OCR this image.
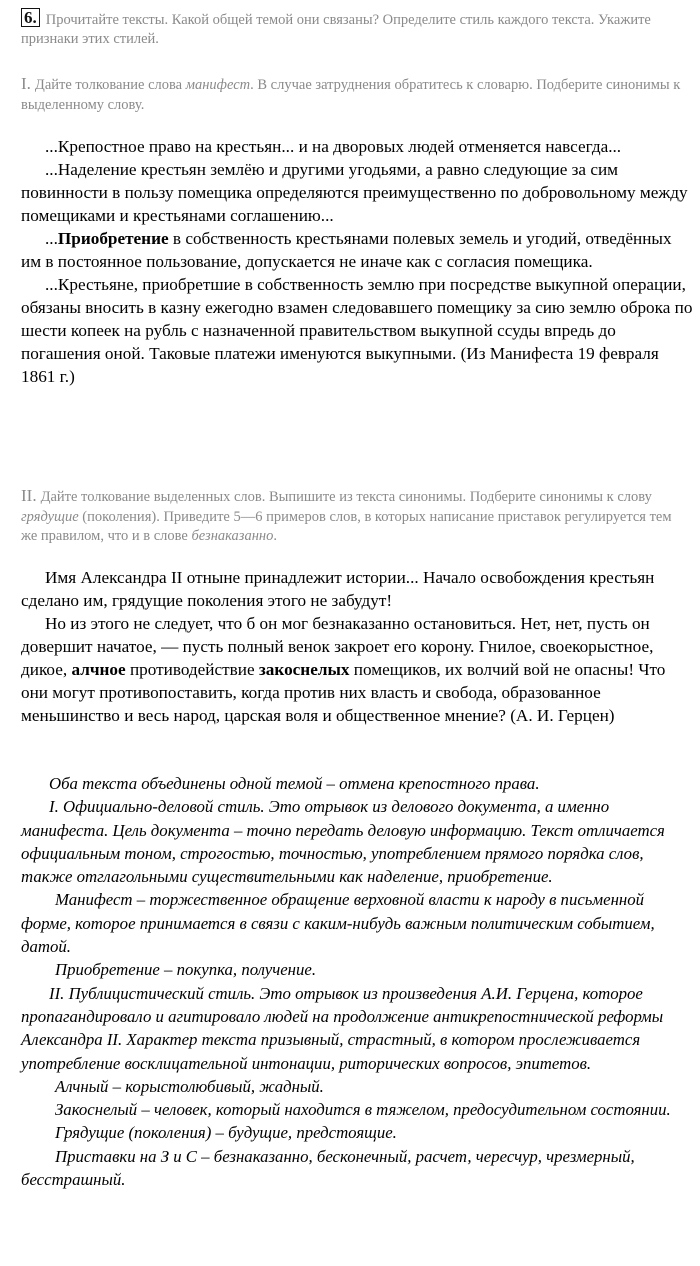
6. Прочитайте тексты. Какой общей темой они связаны? Определите стиль каждого текста. Укажите признаки этих стилей.
I. Дайте толкование слова манифест. В случае затруднения обратитесь к словарю. Подберите синонимы к выделенному слову.

...Крепостное право на крестьян... и на дворовых людей отменяется навсегда...

...Наделение крестьян землёю и другими угодьями, а равно следующие за сим повинности в пользу помещика определяются преимущественно по добровольному между помещиками и крестьянами соглашению...

...Приобретение в собственность крестьянами полевых земель и угодий, отведённых им в постоянное пользование, допускается не иначе как с согласия помещика.

...Крестьяне, приобретшие в собственность землю при посредстве выкупной операции, обязаны вносить в казну ежегодно взамен следовавшего помещику за сию землю оброка по шести копеек на рубль с назначенной правительством выкупной ссуды впредь до погашения оной. Таковые платежи именуются выкупными. (Из Манифеста 19 февраля 1861 г.)

II. Дайте толкование выделенных слов. Выпишите из текста синонимы. Подберите синонимы к слову грядущие (поколения). Приведите 5—6 примеров слов, в которых написание приставок регулируется тем же правилом, что и в слове безнаказанно.

Имя Александра II отныне принадлежит истории... Начало освобождения крестьян сделано им, грядущие поколения этого не забудут!

Но из этого не следует, что б он мог безнаказанно остановиться. Нет, нет, пусть он довершит начатое, — пусть полный венок закроет его корону. Гнилое, своекорыстное, дикое, алчное противодействие закоснелых помещиков, их волчий вой не опасны! Что они могут противопоставить, когда против них власть и свобода, образованное меньшинство и весь народ, царская воля и общественное мнение? (А. И. Герцен)

Оба текста объединены одной темой – отмена крепостного права.

I. Официально-деловой стиль. Это отрывок из делового документа, а именно манифеста. Цель документа – точно передать деловую информацию. Текст отличается официальным тоном, строгостью, точностью, употреблением прямого порядка слов, также отглагольными существительными как наделение, приобретение.

Манифест – торжественное обращение верховной власти к народу в письменной форме, которое принимается в связи с каким-нибудь важным политическим событием, датой.

Приобретение – покупка, получение.

II. Публицистический стиль. Это отрывок из произведения А.И. Герцена, которое пропагандировало и агитировало людей на продолжение антикрепостнической реформы Александра II. Характер текста призывный, страстный, в котором прослеживается употребление восклицательной интонации, риторических вопросов, эпитетов.

Алчный – корыстолюбивый, жадный.

Закоснелый – человек, который находится в тяжелом, предосудительном состоянии.

Грядущие (поколения) – будущие, предстоящие.

Приставки на З и С – безнаказанно, бесконечный, расчет, чересчур, чрезмерный, бесстрашный.
